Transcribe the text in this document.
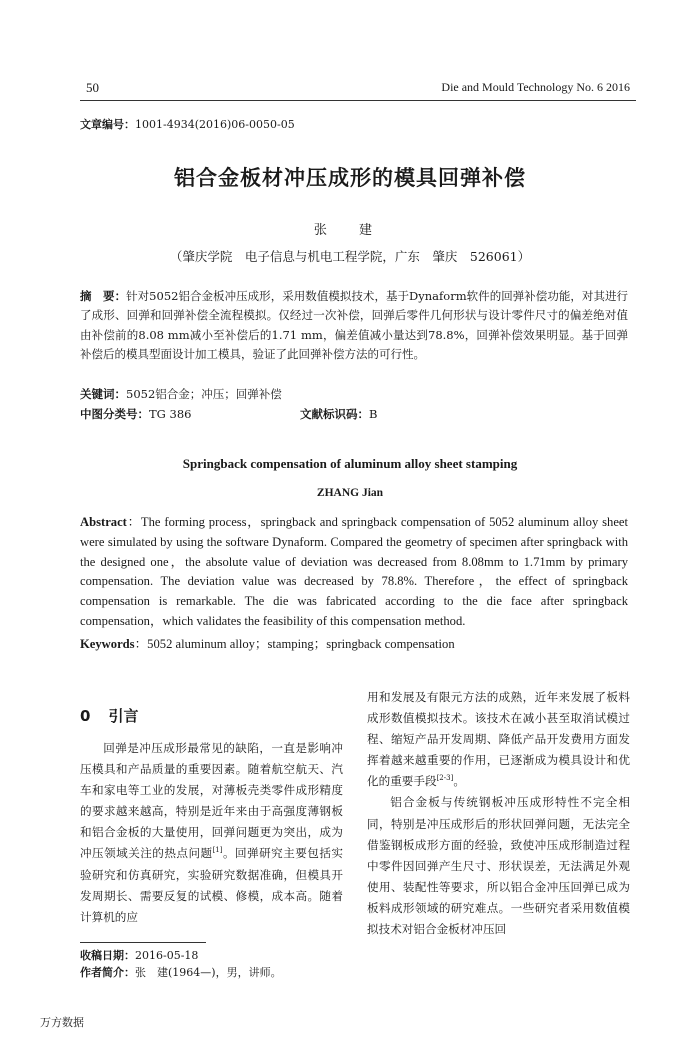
50	Die and Mould Technology No. 6 2016
文章编号：1001-4934(2016)06-0050-05
铝合金板材冲压成形的模具回弹补偿
张 建
（肇庆学院　电子信息与机电工程学院，广东　肇庆　526061）
摘　要：针对5052铝合金板冲压成形，采用数值模拟技术，基于Dynaform软件的回弹补偿功能，对其进行了成形、回弹和回弹补偿全流程模拟。仅经过一次补偿，回弹后零件几何形状与设计零件尺寸的偏差绝对值由补偿前的8.08 mm减小至补偿后的1.71 mm，偏差值减小量达到78.8%，回弹补偿效果明显。基于回弹补偿后的模具型面设计加工模具，验证了此回弹补偿方法的可行性。
关键词：5052铝合金；冲压；回弹补偿
中图分类号：TG 386	文献标识码：B
Springback compensation of aluminum alloy sheet stamping
ZHANG Jian
Abstract：The forming process，springback and springback compensation of 5052 aluminum alloy sheet were simulated by using the software Dynaform. Compared the geometry of specimen after springback with the designed one，the absolute value of deviation was decreased from 8.08mm to 1.71mm by primary compensation. The deviation value was decreased by 78.8%. Therefore，the effect of springback compensation is remarkable. The die was fabricated according to the die face after springback compensation，which validates the feasibility of this compensation method.
Keywords：5052 aluminum alloy；stamping；springback compensation
0 引言

回弹是冲压成形最常见的缺陷，一直是影响冲压模具和产品质量的重要因素。随着航空航天、汽车和家电等工业的发展，对薄板壳类零件成形精度的要求越来越高，特别是近年来由于高强度薄钢板和铝合金板的大量使用，回弹问题更为突出，成为冲压领域关注的热点问题[1]。回弹研究主要包括实验研究和仿真研究，实验研究数据准确，但模具开发周期长、需要反复的试模、修模，成本高。随着计算机的应

用和发展及有限元方法的成熟，近年来发展了板料成形数值模拟技术。该技术在减小甚至取消试模过程、缩短产品开发周期、降低产品开发费用方面发挥着越来越重要的作用，已逐渐成为模具设计和优化的重要手段[2-3]。

铝合金板与传统钢板冲压成形特性不完全相同，特别是冲压成形后的形状回弹问题，无法完全借鉴钢板成形方面的经验，致使冲压成形制造过程中零件因回弹产生尺寸、形状误差，无法满足外观使用、装配性等要求，所以铝合金冲压回弹已成为板料成形领域的研究难点。一些研究者采用数值模拟技术对铝合金板材冲压回

收稿日期：2016-05-18
作者简介：张　建(1964—)，男，讲师。
万方数据
